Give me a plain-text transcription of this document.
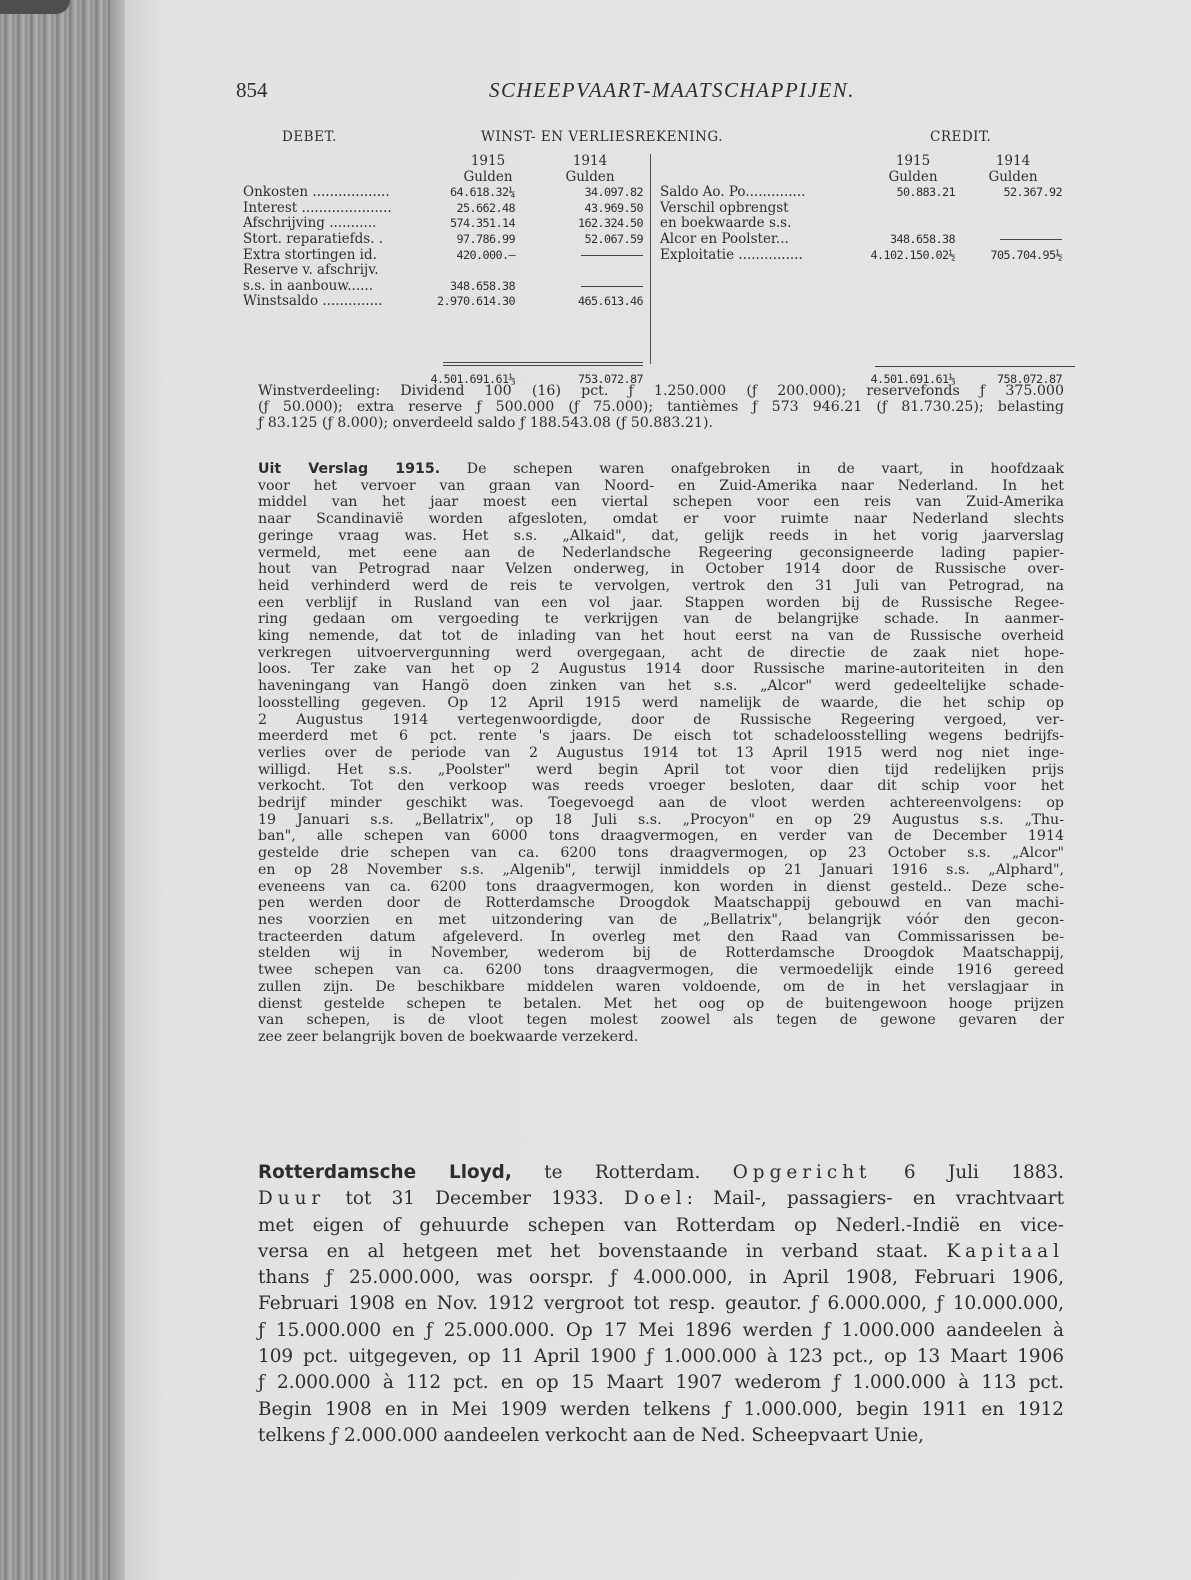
854	SCHEEPVAART-MAATSCHAPPIJEN.
DEBET.	WINST- EN VERLIESREKENING.	CREDIT.
1915	1914
Gulden	Gulden
Onkosten ..................	64.618.32¼	34.097.82
Interest .....................	25.662.48	43.969.50
Afschrijving ...........	574.351.14	162.324.50
Stort. reparatiefds. .	97.786.99	52.067.59
Extra stortingen id.	420.000.—
Reserve v. afschrijv.
s.s. in aanbouw......	348.658.38
Winstsaldo ..............	2.970.614.30	465.613.46
4.501.691.61⅓	753.072.87
1915	1914
Gulden	Gulden
Saldo Ao. Po..............	50.883.21	52.367.92
Verschil opbrengst
en boekwaarde s.s.
Alcor en Poolster...	348.658.38
Exploitatie ...............	4.102.150.02½	705.704.95½
4.501.691.61⅓	758.072.87
Winstverdeeling: Dividend 100 (16) pct. ƒ 1.250.000 (ƒ 200.000); reservefonds ƒ 375.000
(ƒ 50.000); extra reserve ƒ 500.000 (ƒ 75.000); tantièmes ƒ 573 946.21 (ƒ 81.730.25); belasting
ƒ 83.125 (ƒ 8.000); onverdeeld saldo ƒ 188.543.08 (ƒ 50.883.21).
Uit Verslag 1915. De schepen waren onafgebroken in de vaart, in hoofdzaak
voor het vervoer van graan van Noord- en Zuid-Amerika naar Nederland. In het
middel van het jaar moest een viertal schepen voor een reis van Zuid-Amerika
naar Scandinavië worden afgesloten, omdat er voor ruimte naar Nederland slechts
geringe vraag was. Het s.s. „Alkaid", dat, gelijk reeds in het vorig jaarverslag
vermeld, met eene aan de Nederlandsche Regeering geconsigneerde lading papier-
hout van Petrograd naar Velzen onderweg, in October 1914 door de Russische over-
heid verhinderd werd de reis te vervolgen, vertrok den 31 Juli van Petrograd, na
een verblijf in Rusland van een vol jaar. Stappen worden bij de Russische Regee-
ring gedaan om vergoeding te verkrijgen van de belangrijke schade. In aanmer-
king nemende, dat tot de inlading van het hout eerst na van de Russische overheid
verkregen uitvoervergunning werd overgegaan, acht de directie de zaak niet hope-
loos. Ter zake van het op 2 Augustus 1914 door Russische marine-autoriteiten in den
haveningang van Hangö doen zinken van het s.s. „Alcor" werd gedeeltelijke schade-
loosstelling gegeven. Op 12 April 1915 werd namelijk de waarde, die het schip op
2 Augustus 1914 vertegenwoordigde, door de Russische Regeering vergoed, ver-
meerderd met 6 pct. rente 's jaars. De eisch tot schadeloosstelling wegens bedrijfs-
verlies over de periode van 2 Augustus 1914 tot 13 April 1915 werd nog niet inge-
willigd. Het s.s. „Poolster" werd begin April tot voor dien tijd redelijken prijs
verkocht. Tot den verkoop was reeds vroeger besloten, daar dit schip voor het
bedrijf minder geschikt was. Toegevoegd aan de vloot werden achtereenvolgens: op
19 Januari s.s. „Bellatrix", op 18 Juli s.s. „Procyon" en op 29 Augustus s.s. „Thu-
ban", alle schepen van 6000 tons draagvermogen, en verder van de December 1914
gestelde drie schepen van ca. 6200 tons draagvermogen, op 23 October s.s. „Alcor"
en op 28 November s.s. „Algenib", terwijl inmiddels op 21 Januari 1916 s.s. „Alphard",
eveneens van ca. 6200 tons draagvermogen, kon worden in dienst gesteld.. Deze sche-
pen werden door de Rotterdamsche Droogdok Maatschappij gebouwd en van machi-
nes voorzien en met uitzondering van de „Bellatrix", belangrijk vóór den gecon-
tracteerden datum afgeleverd. In overleg met den Raad van Commissarissen be-
stelden wij in November, wederom bij de Rotterdamsche Droogdok Maatschappij,
twee schepen van ca. 6200 tons draagvermogen, die vermoedelijk einde 1916 gereed
zullen zijn. De beschikbare middelen waren voldoende, om de in het verslagjaar in
dienst gestelde schepen te betalen. Met het oog op de buitengewoon hooge prijzen
van schepen, is de vloot tegen molest zoowel als tegen de gewone gevaren der
zee zeer belangrijk boven de boekwaarde verzekerd.
Rotterdamsche Lloyd, te Rotterdam. Opgericht 6 Juli 1883.
Duur tot 31 December 1933. Doel: Mail-, passagiers- en vrachtvaart
met eigen of gehuurde schepen van Rotterdam op Nederl.-Indië en vice-
versa en al hetgeen met het bovenstaande in verband staat. Kapitaal
thans ƒ 25.000.000, was oorspr. ƒ 4.000.000, in April 1908, Februari 1906,
Februari 1908 en Nov. 1912 vergroot tot resp. geautor. ƒ 6.000.000, ƒ 10.000.000,
ƒ 15.000.000 en ƒ 25.000.000. Op 17 Mei 1896 werden ƒ 1.000.000 aandeelen à
109 pct. uitgegeven, op 11 April 1900 ƒ 1.000.000 à 123 pct., op 13 Maart 1906
ƒ 2.000.000 à 112 pct. en op 15 Maart 1907 wederom ƒ 1.000.000 à 113 pct.
Begin 1908 en in Mei 1909 werden telkens ƒ 1.000.000, begin 1911 en 1912
telkens ƒ 2.000.000 aandeelen verkocht aan de Ned. Scheepvaart Unie,
